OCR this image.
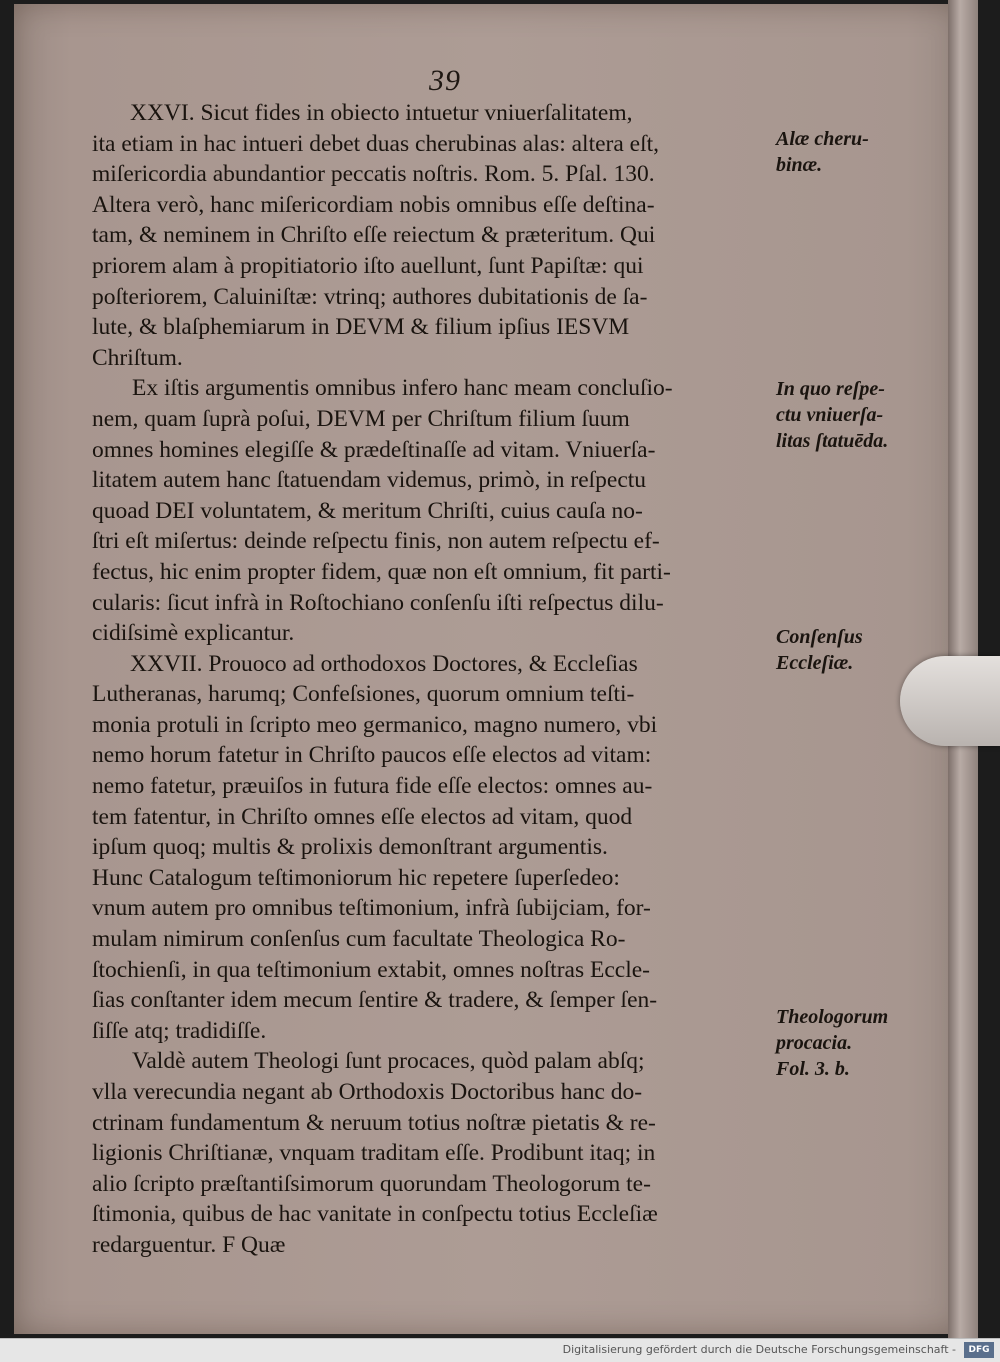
39
XXVI. Sicut fides in obiecto intuetur vniuerſalitatem,
ita etiam in hac intueri debet duas cherubinas alas: altera eſt,
miſericordia abundantior peccatis noſtris. Rom. 5. Pſal. 130.
Altera verò, hanc miſericordiam nobis omnibus eſſe deſtina-
tam, & neminem in Chriſto eſſe reiectum & præteritum. Qui
priorem alam à propitiatorio iſto auellunt, ſunt Papiſtæ: qui
poſteriorem, Caluiniſtæ: vtrinq; authores dubitationis de ſa-
lute, & blaſphemiarum in DEVM & filium ipſius IESVM
Chriſtum.
Ex iſtis argumentis omnibus infero hanc meam concluſio-
nem, quam ſuprà poſui, DEVM per Chriſtum filium ſuum
omnes homines elegiſſe & prædeſtinaſſe ad vitam. Vniuerſa-
litatem autem hanc ſtatuendam videmus, primò, in reſpectu
quoad DEI voluntatem, & meritum Chriſti, cuius cauſa no-
ſtri eſt miſertus: deinde reſpectu finis, non autem reſpectu ef-
fectus, hic enim propter fidem, quæ non eſt omnium, fit parti-
cularis: ſicut infrà in Roſtochiano conſenſu iſti reſpectus dilu-
cidiſsimè explicantur.
XXVII. Prouoco ad orthodoxos Doctores, & Eccleſias
Lutheranas, harumq; Confeſsiones, quorum omnium teſti-
monia protuli in ſcripto meo germanico, magno numero, vbi
nemo horum fatetur in Chriſto paucos eſſe electos ad vitam:
nemo fatetur, præuiſos in futura fide eſſe electos: omnes au-
tem fatentur, in Chriſto omnes eſſe electos ad vitam, quod
ipſum quoq; multis & prolixis demonſtrant argumentis.
Hunc Catalogum teſtimoniorum hic repetere ſuperſedeo:
vnum autem pro omnibus teſtimonium, infrà ſubijciam, for-
mulam nimirum conſenſus cum facultate Theologica Ro-
ſtochienſi, in qua teſtimonium extabit, omnes noſtras Eccle-
ſias conſtanter idem mecum ſentire & tradere, & ſemper ſen-
ſiſſe atq; tradidiſſe.
Valdè autem Theologi ſunt procaces, quòd palam abſq;
vlla verecundia negant ab Orthodoxis Doctoribus hanc do-
ctrinam fundamentum & neruum totius noſtræ pietatis & re-
ligionis Chriſtianæ, vnquam traditam eſſe. Prodibunt itaq; in
alio ſcripto præſtantiſsimorum quorundam Theologorum te-
ſtimonia, quibus de hac vanitate in conſpectu totius Eccleſiæ
redarguentur. F Quæ
Alæ cheru-
binæ.
In quo reſpe-
ctu vniuerſa-
litas ſtatuēda.
Conſenſus
Eccleſiæ.
Theologorum
procacia.
Fol. 3. b.
Digitalisierung gefördert durch die Deutsche Forschungsgemeinschaft -	DFG
